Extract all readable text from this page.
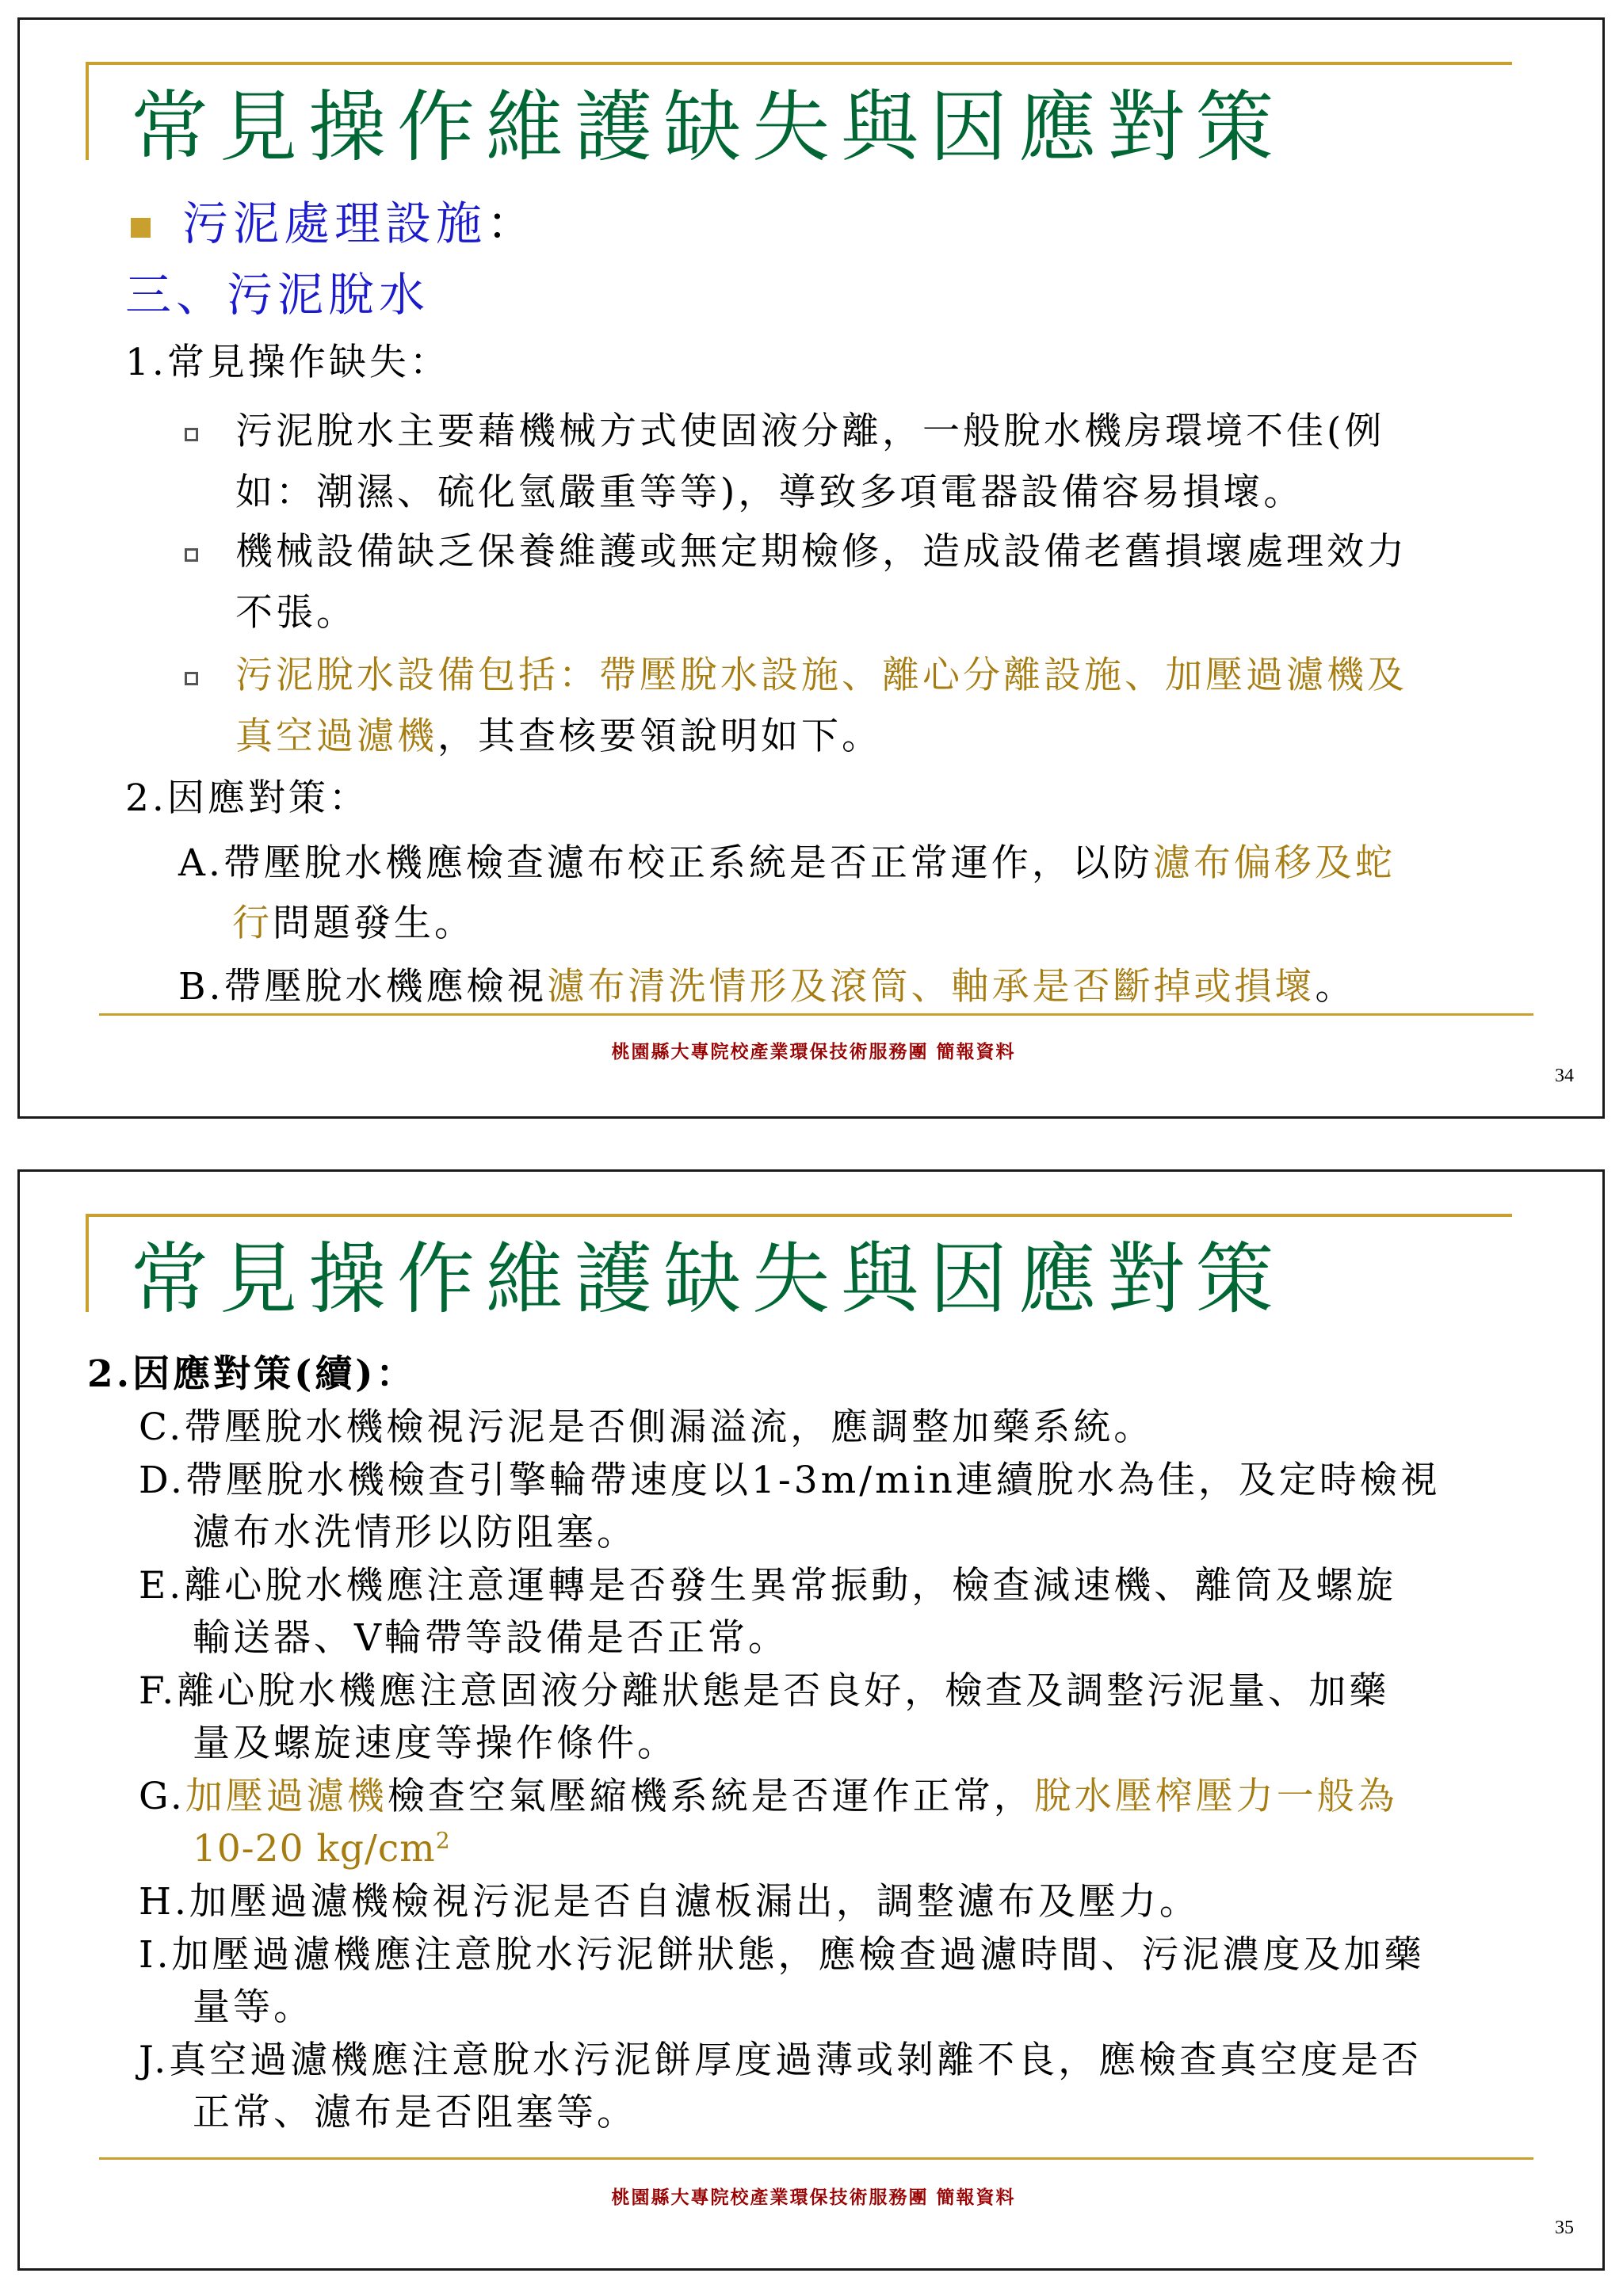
常見操作維護缺失與因應對策
污泥處理設施：
三、污泥脫水
1.常見操作缺失：
污泥脫水主要藉機械方式使固液分離，一般脫水機房環境不佳(例
如：潮濕、硫化氫嚴重等等)，導致多項電器設備容易損壞。
機械設備缺乏保養維護或無定期檢修，造成設備老舊損壞處理效力
不張。
污泥脫水設備包括：帶壓脫水設施、離心分離設施、加壓過濾機及
真空過濾機，其查核要領說明如下。
2.因應對策：
A.帶壓脫水機應檢查濾布校正系統是否正常運作，以防濾布偏移及蛇
行問題發生。
B.帶壓脫水機應檢視濾布清洗情形及滾筒、軸承是否斷掉或損壞。
桃園縣大專院校產業環保技術服務團 簡報資料
34
常見操作維護缺失與因應對策
2.因應對策(續)：
C.帶壓脫水機檢視污泥是否側漏溢流，應調整加藥系統。
D.帶壓脫水機檢查引擎輪帶速度以1-3m/min連續脫水為佳，及定時檢視
濾布水洗情形以防阻塞。
E.離心脫水機應注意運轉是否發生異常振動，檢查減速機、離筒及螺旋
輸送器、V輪帶等設備是否正常。
F.離心脫水機應注意固液分離狀態是否良好，檢查及調整污泥量、加藥
量及螺旋速度等操作條件。
G.加壓過濾機檢查空氣壓縮機系統是否運作正常，脫水壓榨壓力一般為
10-20 $kg/cm^2$
H.加壓過濾機檢視污泥是否自濾板漏出，調整濾布及壓力。
I.加壓過濾機應注意脫水污泥餅狀態，應檢查過濾時間、污泥濃度及加藥
量等。
J.真空過濾機應注意脫水污泥餅厚度過薄或剝離不良，應檢查真空度是否
正常、濾布是否阻塞等。
桃園縣大專院校產業環保技術服務團 簡報資料
35
